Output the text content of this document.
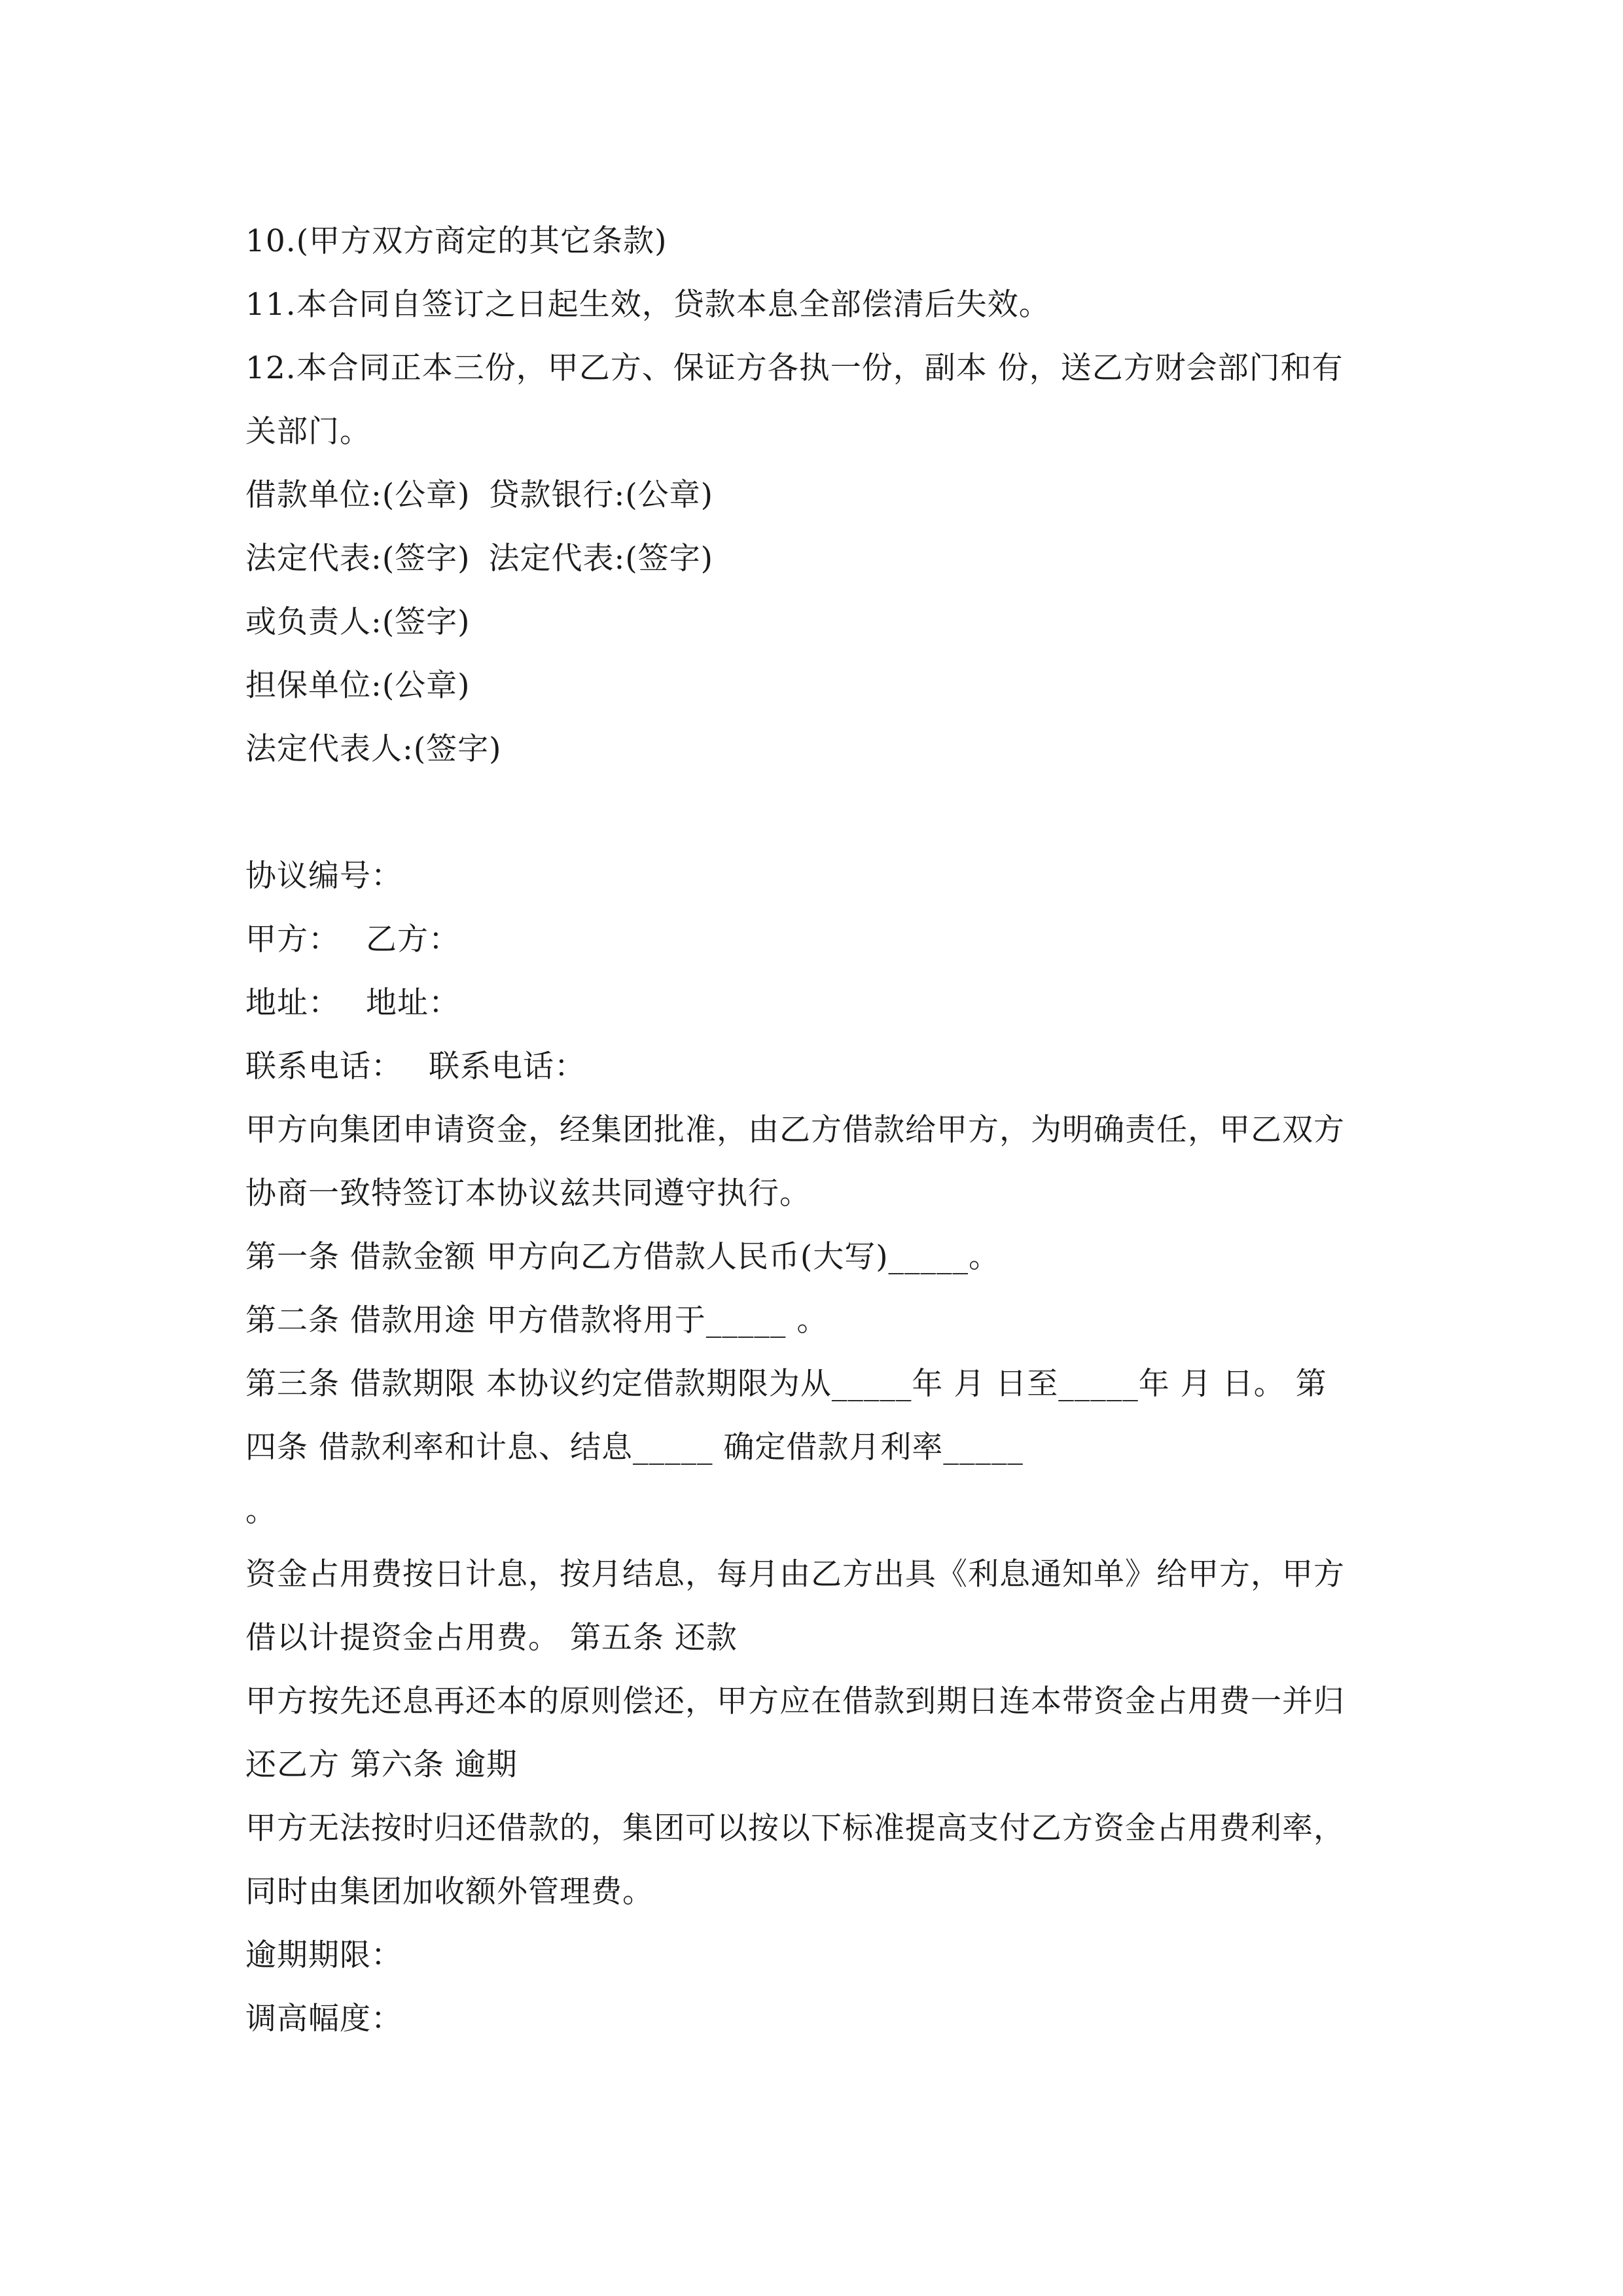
10.(甲方双方商定的其它条款)
11.本合同自签订之日起生效，贷款本息全部偿清后失效。
12.本合同正本三份，甲乙方、保证方各执一份，副本 份，送乙方财会部门和有
关部门。
借款单位:(公章) 贷款银行:(公章)
法定代表:(签字) 法定代表:(签字)
或负责人:(签字)
担保单位:(公章)
法定代表人:(签字)
协议编号：
甲方： 乙方：
地址： 地址：
联系电话： 联系电话：
甲方向集团申请资金，经集团批准，由乙方借款给甲方，为明确责任，甲乙双方
协商一致特签订本协议兹共同遵守执行。
第一条 借款金额 甲方向乙方借款人民币(大写)_____。
第二条 借款用途 甲方借款将用于_____ 。
第三条 借款期限 本协议约定借款期限为从_____年 月 日至_____年 月 日。 第
四条 借款利率和计息、结息_____ 确定借款月利率_____
。
资金占用费按日计息，按月结息，每月由乙方出具《利息通知单》给甲方，甲方
借以计提资金占用费。 第五条 还款
甲方按先还息再还本的原则偿还，甲方应在借款到期日连本带资金占用费一并归
还乙方 第六条 逾期
甲方无法按时归还借款的，集团可以按以下标准提高支付乙方资金占用费利率，
同时由集团加收额外管理费。
逾期期限：
调高幅度：
